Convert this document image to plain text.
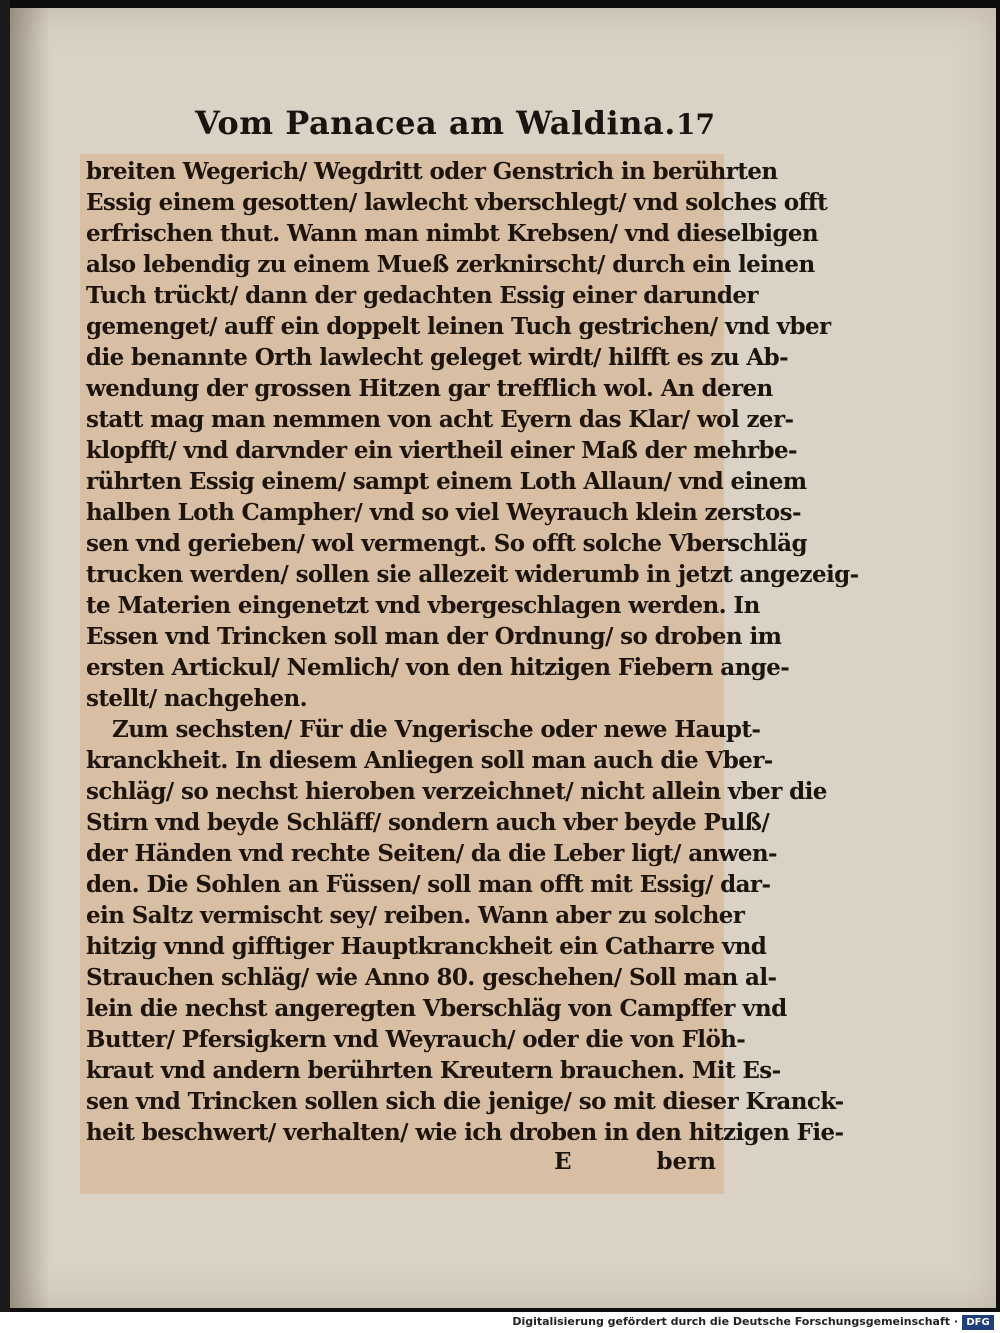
Vom Panacea am Waldina. 17
breiten Wegerich/ Wegdritt oder Genstrich in berührten
Essig einem gesotten/ lawlecht vberschlegt/ vnd solches offt
erfrischen thut. Wann man nimbt Krebsen/ vnd dieselbigen
also lebendig zu einem Mueß zerknirscht/ durch ein leinen
Tuch trückt/ dann der gedachten Essig einer darunder
gemenget/ auff ein doppelt leinen Tuch gestrichen/ vnd vber
die benannte Orth lawlecht geleget wirdt/ hilfft es zu Ab-
wendung der grossen Hitzen gar trefflich wol. An deren
statt mag man nemmen von acht Eyern das Klar/ wol zer-
klopfft/ vnd darvnder ein viertheil einer Maß der mehrbe-
rührten Essig einem/ sampt einem Loth Allaun/ vnd einem
halben Loth Campher/ vnd so viel Weyrauch klein zerstos-
sen vnd gerieben/ wol vermengt. So offt solche Vberschläg
trucken werden/ sollen sie allezeit widerumb in jetzt angezeig-
te Materien eingenetzt vnd vbergeschlagen werden. In
Essen vnd Trincken soll man der Ordnung/ so droben im
ersten Artickul/ Nemlich/ von den hitzigen Fiebern ange-
stellt/ nachgehen.
Zum sechsten/ Für die Vngerische oder newe Haupt-
kranckheit. In diesem Anliegen soll man auch die Vber-
schläg/ so nechst hieroben verzeichnet/ nicht allein vber die
Stirn vnd beyde Schläff/ sondern auch vber beyde Pulß/
der Händen vnd rechte Seiten/ da die Leber ligt/ anwen-
den. Die Sohlen an Füssen/ soll man offt mit Essig/ dar-
ein Saltz vermischt sey/ reiben. Wann aber zu solcher
hitzig vnnd gifftiger Hauptkranckheit ein Catharre vnd
Strauchen schläg/ wie Anno 80. geschehen/ Soll man al-
lein die nechst angeregten Vberschläg von Campffer vnd
Butter/ Pfersigkern vnd Weyrauch/ oder die von Flöh-
kraut vnd andern berührten Kreutern brauchen. Mit Es-
sen vnd Trincken sollen sich die jenige/ so mit dieser Kranck-
heit beschwert/ verhalten/ wie ich droben in den hitzigen Fie-
E	bern
Digitalisierung gefördert durch die Deutsche Forschungsgemeinschaft · DFG
